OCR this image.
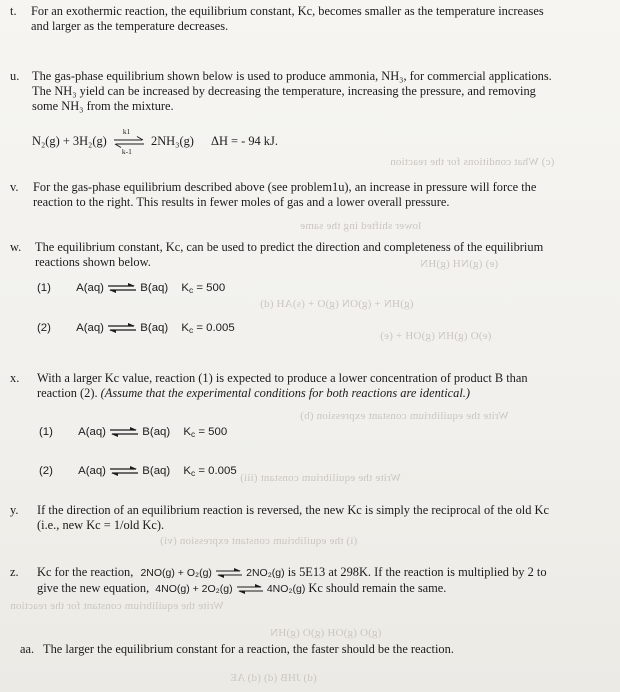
(c) What conditions for the reaction
lower shifted ing the same
(e) (g)NH (g)HN
(g)HN + (g)ON (g)O + (s)AH (d)
(e)O (g)HN (g)OH + (e)
Write the equilibrium constant expression (b)
Write the equilibrium constant (iii)
(i) the equilibrium constant expression (vi)
Write the equilibrium constant for the reaction
(g)O (g)OH (g)O (g)HN
(d) JHB (d) (d) AE
t. For an exothermic reaction, the equilibrium constant, Kc, becomes smaller as the temperature increases
and larger as the temperature decreases.
u. The gas-phase equilibrium shown below is used to produce ammonia, NH₃, for commercial applications.
The NH₃ yield can be increased by decreasing the temperature, increasing the pressure, and removing
some NH₃ from the mixture.
N₂(g) + 3H₂(g)
k1
k-1
2NH₃(g) ΔH = - 94 kJ.
v. For the gas-phase equilibrium described above (see problem1u), an increase in pressure will force the
reaction to the right. This results in fewer moles of gas and a lower overall pressure.
w. The equilibrium constant, Kc, can be used to predict the direction and completeness of the equilibrium
reactions shown below.
(1) A(aq) ⇌ B(aq) $K_c = 500$
(2) A(aq) ⇌ B(aq) $K_c = 0.005$
x. With a larger Kc value, reaction (1) is expected to produce a lower concentration of product B than
reaction (2). (Assume that the experimental conditions for both reactions are identical.)
(1) A(aq) ⇌ B(aq) $K_c = 500$
(2) A(aq) ⇌ B(aq) $K_c = 0.005$
y. If the direction of an equilibrium reaction is reversed, the new Kc is simply the reciprocal of the old Kc
(i.e., new Kc = 1/old Kc).
z. Kc for the reaction, 2NO(g) + O₂(g) ⇌ 2NO₂(g) is 5E13 at 298K. If the reaction is multiplied by 2 to
give the new equation, 4NO(g) + 2O₂(g) ⇌ 4NO₂(g) Kc should remain the same.
aa. The larger the equilibrium constant for a reaction, the faster should be the reaction.
